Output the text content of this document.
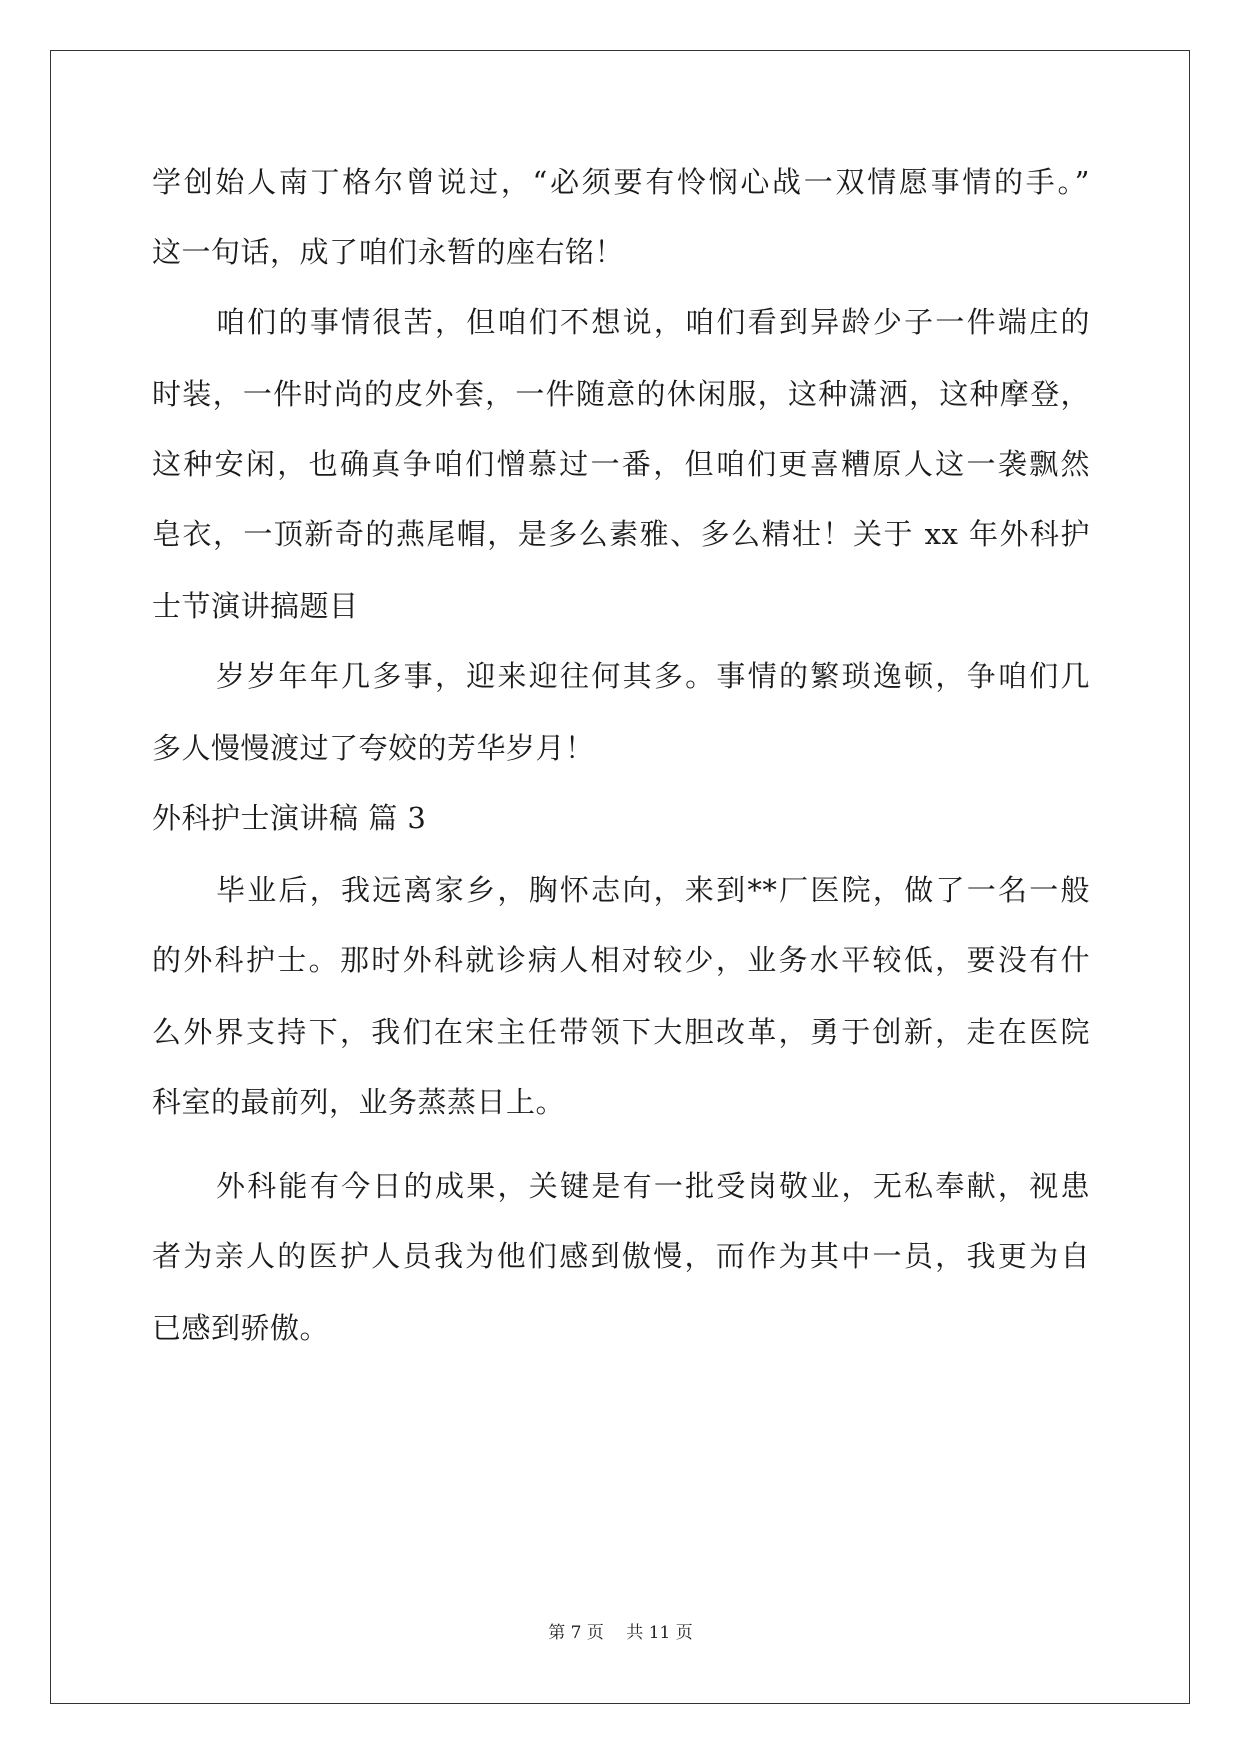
学创始人南丁格尔曾说过，“必须要有怜悯心战一双情愿事情的手。”
这一句话，成了咱们永暂的座右铭！
咱们的事情很苦，但咱们不想说，咱们看到异龄少子一件端庄的
时装，一件时尚的皮外套，一件随意的休闲服，这种潇洒，这种摩登，
这种安闲，也确真争咱们憎慕过一番，但咱们更喜糟原人这一袭飘然
皂衣，一顶新奇的燕尾帽，是多么素雅、多么精壮！关于 xx 年外科护
士节演讲搞题目
岁岁年年几多事，迎来迎往何其多。事情的繁琐逸顿，争咱们几
多人慢慢渡过了夸姣的芳华岁月！
外科护士演讲稿 篇 3
毕业后，我远离家乡，胸怀志向，来到**厂医院，做了一名一般
的外科护士。那时外科就诊病人相对较少，业务水平较低，要没有什
么外界支持下，我们在宋主任带领下大胆改革，勇于创新，走在医院
科室的最前列，业务蒸蒸日上。
外科能有今日的成果，关键是有一批受岗敬业，无私奉献，视患
者为亲人的医护人员我为他们感到傲慢，而作为其中一员，我更为自
已感到骄傲。
第 7 页　 共 11 页
